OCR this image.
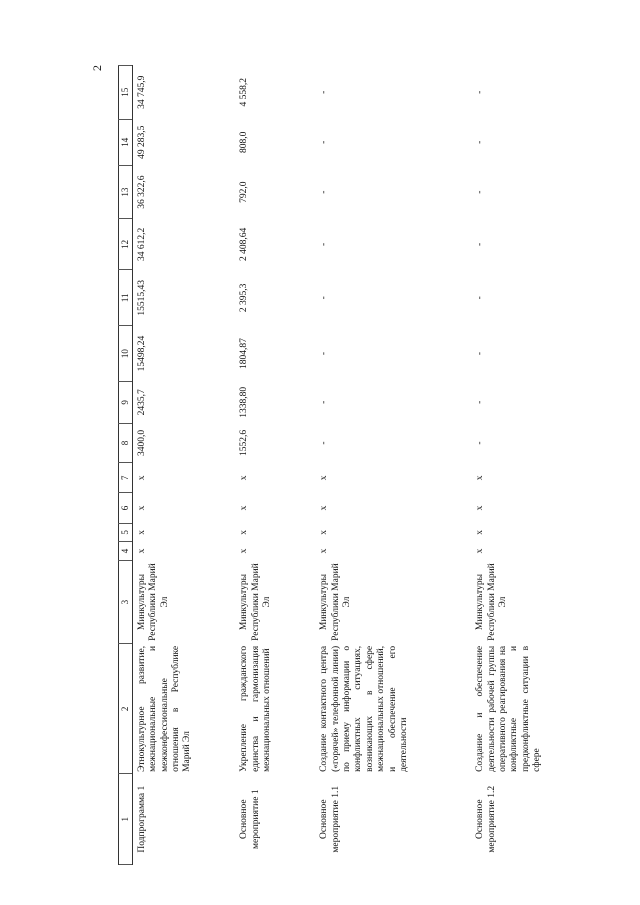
2
1	2	3	4	5	6	7	8	9	10	11	12	13	14	15
Подпрограмма 1	Этнокультурное развитие, межнациональные и межконфессиональные отношения в Республике Марий Эл	Минкультуры Республики Марий Эл	х	х	х	х	3400,0	2435,7	15498,24	15515,43	34 612,2	36 322,6	49 283,5	34 745,9
Основное мероприятие 1	Укрепление гражданского единства и гармонизация межнациональных отношений	Минкультуры Республики Марий Эл	х	х	х	х	1552,6	1338,80	1804,87	2 395,3	2 408,64	792,0	808,0	4 558,2
Основное мероприятие 1.1	Создание контактного центра («горячей» телефонной линии) по приему информации о конфликтных ситуациях, возникающих в сфере межнациональных отношений, и обеспечение его деятельности	Минкультуры Республики Марий Эл	х	х	х	х	-	-	-	-	-	-	-	-
Основное мероприятие 1.2	Создание и обеспечение деятельности рабочей группы оперативного реагирования на конфликтные и предконфликтные ситуации в сфере	Минкультуры Республики Марий Эл	х	х	х	х	-	-	-	-	-	-	-	-
